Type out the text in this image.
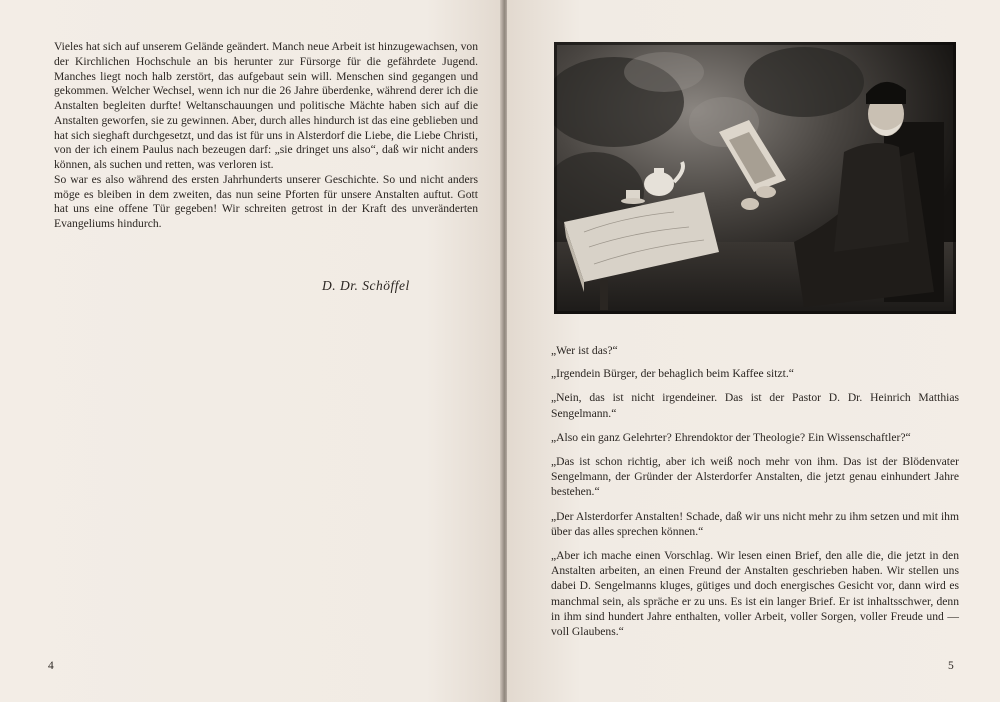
Vieles hat sich auf unserem Gelände geändert. Manch neue Arbeit ist hinzugewachsen, von der Kirchlichen Hochschule an bis herunter zur Fürsorge für die gefährdete Jugend. Manches liegt noch halb zerstört, das aufgebaut sein will. Menschen sind gegangen und gekommen. Welcher Wechsel, wenn ich nur die 26 Jahre überdenke, während derer ich die Anstalten begleiten durfte! Weltanschauungen und politische Mächte haben sich auf die Anstalten geworfen, sie zu gewinnen. Aber, durch alles hindurch ist das eine geblieben und hat sich sieghaft durchgesetzt, und das ist für uns in Alsterdorf die Liebe, die Liebe Christi, von der ich einem Paulus nach bezeugen darf: „sie dringet uns also“, daß wir nicht anders können, als suchen und retten, was verloren ist.

So war es also während des ersten Jahrhunderts unserer Geschichte. So und nicht anders möge es bleiben in dem zweiten, das nun seine Pforten für unsere Anstalten auftut. Gott hat uns eine offene Tür gegeben! Wir schreiten getrost in der Kraft des unveränderten Evangeliums hindurch.

D. Dr. Schöffel
4

„Wer ist das?“

„Irgendein Bürger, der behaglich beim Kaffee sitzt.“

„Nein, das ist nicht irgendeiner. Das ist der Pastor D. Dr. Heinrich Matthias Sengelmann.“

„Also ein ganz Gelehrter? Ehrendoktor der Theologie? Ein Wissenschaftler?“

„Das ist schon richtig, aber ich weiß noch mehr von ihm. Das ist der Blödenvater Sengelmann, der Gründer der Alsterdorfer Anstalten, die jetzt genau einhundert Jahre bestehen.“

„Der Alsterdorfer Anstalten! Schade, daß wir uns nicht mehr zu ihm setzen und mit ihm über das alles sprechen können.“

„Aber ich mache einen Vorschlag. Wir lesen einen Brief, den alle die, die jetzt in den Anstalten arbeiten, an einen Freund der Anstalten geschrieben haben. Wir stellen uns dabei D. Sengelmanns kluges, gütiges und doch energisches Gesicht vor, dann wird es manchmal sein, als spräche er zu uns. Es ist ein langer Brief. Er ist inhaltsschwer, denn in ihm sind hundert Jahre enthalten, voller Arbeit, voller Sorgen, voller Freude und — voll Glaubens.“

5
